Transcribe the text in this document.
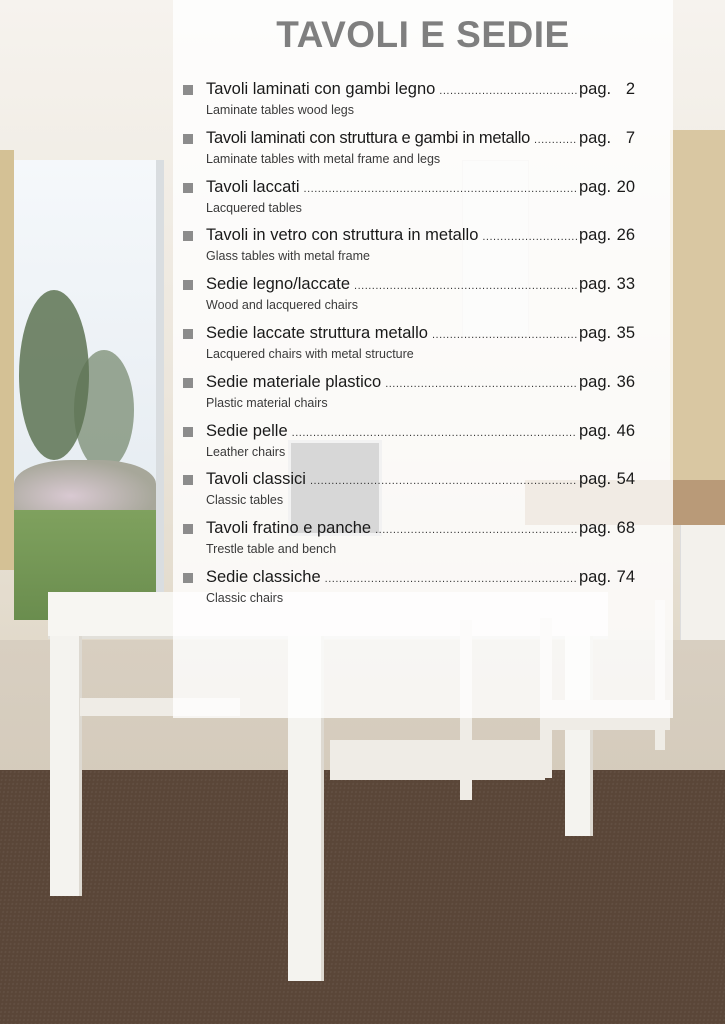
TAVOLI E SEDIE
Tavoli laminati con gambi legno .....	pag. 2
Laminate tables wood legs
Tavoli laminati con struttura e gambi in metallo .....	pag. 7
Laminate tables with metal frame and legs
Tavoli laccati .....	pag. 20
Lacquered tables
Tavoli in vetro con struttura in metallo .....	pag. 26
Glass tables with metal frame
Sedie legno/laccate .....	pag. 33
Wood and lacquered chairs
Sedie laccate struttura metallo .....	pag. 35
Lacquered chairs with metal structure
Sedie materiale plastico .....	pag. 36
Plastic material chairs
Sedie pelle .....	pag. 46
Leather chairs
Tavoli classici .....	pag. 54
Classic tables
Tavoli fratino e panche .....	pag. 68
Trestle table and bench
Sedie classiche .....	pag. 74
Classic chairs
